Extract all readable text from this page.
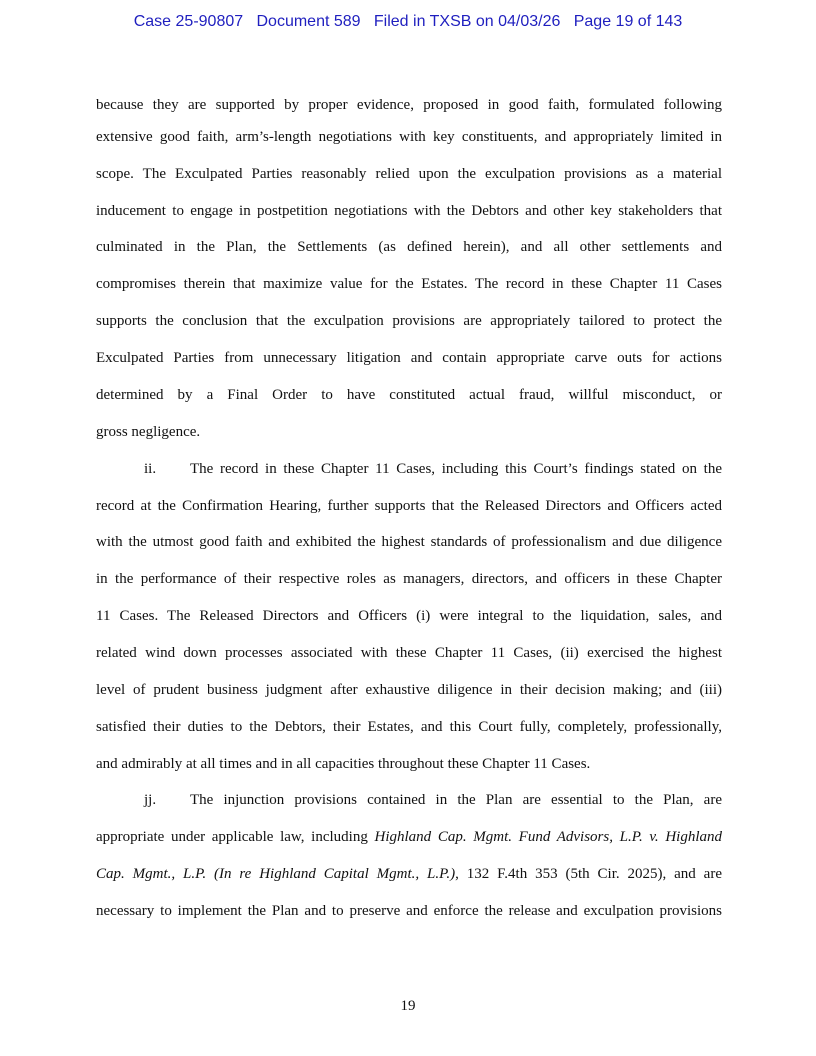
Case 25-90807 Document 589 Filed in TXSB on 04/03/26 Page 19 of 143
because they are supported by proper evidence, proposed in good faith, formulated following
extensive good faith, arm’s-length negotiations with key constituents, and appropriately limited in
scope. The Exculpated Parties reasonably relied upon the exculpation provisions as a material
inducement to engage in postpetition negotiations with the Debtors and other key stakeholders that
culminated in the Plan, the Settlements (as defined herein), and all other settlements and
compromises therein that maximize value for the Estates. The record in these Chapter 11 Cases
supports the conclusion that the exculpation provisions are appropriately tailored to protect the
Exculpated Parties from unnecessary litigation and contain appropriate carve outs for actions
determined by a Final Order to have constituted actual fraud, willful misconduct, or
gross negligence.
ii.	The record in these Chapter 11 Cases, including this Court’s findings stated on the
record at the Confirmation Hearing, further supports that the Released Directors and Officers acted
with the utmost good faith and exhibited the highest standards of professionalism and due diligence
in the performance of their respective roles as managers, directors, and officers in these Chapter
11 Cases. The Released Directors and Officers (i) were integral to the liquidation, sales, and
related wind down processes associated with these Chapter 11 Cases, (ii) exercised the highest
level of prudent business judgment after exhaustive diligence in their decision making; and (iii)
satisfied their duties to the Debtors, their Estates, and this Court fully, completely, professionally,
and admirably at all times and in all capacities throughout these Chapter 11 Cases.
jj.	The injunction provisions contained in the Plan are essential to the Plan, are
appropriate under applicable law, including Highland Cap. Mgmt. Fund Advisors, L.P. v. Highland
Cap. Mgmt., L.P. (In re Highland Capital Mgmt., L.P.), 132 F.4th 353 (5th Cir. 2025), and are
necessary to implement the Plan and to preserve and enforce the release and exculpation provisions
19
